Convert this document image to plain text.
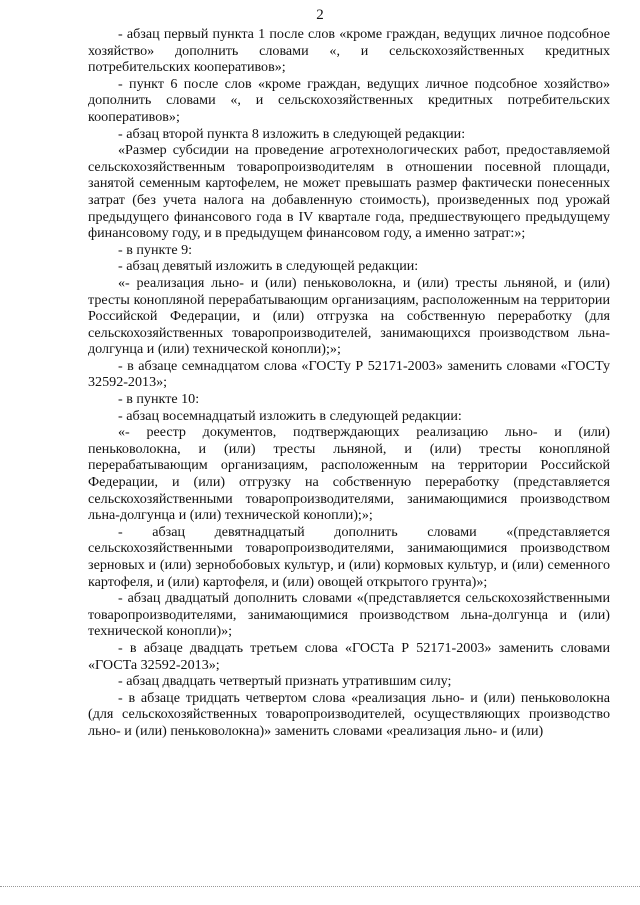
2

- абзац первый пункта 1 после слов «кроме граждан, ведущих личное подсобное хозяйство» дополнить словами «, и сельскохозяйственных кредитных потребительских кооперативов»;

- пункт 6 после слов «кроме граждан, ведущих личное подсобное хозяйство» дополнить словами «, и сельскохозяйственных кредитных потребительских кооперативов»;

- абзац второй пункта 8 изложить в следующей редакции:

«Размер субсидии на проведение агротехнологических работ, предоставляемой сельскохозяйственным товаропроизводителям в отношении посевной площади, занятой семенным картофелем, не может превышать размер фактически понесенных затрат (без учета налога на добавленную стоимость), произведенных под урожай предыдущего финансового года в IV квартале года, предшествующего предыдущему финансовому году, и в предыдущем финансовом году, а именно затрат:»;

- в пункте 9:

- абзац девятый изложить в следующей редакции:

«- реализация льно- и (или) пеньковолокна, и (или) тресты льняной, и (или) тресты конопляной перерабатывающим организациям, расположенным на территории Российской Федерации, и (или) отгрузка на собственную переработку (для сельскохозяйственных товаропроизводителей, занимающихся производством льна-долгунца и (или) технической конопли);»;

- в абзаце семнадцатом слова «ГОСТу Р 52171-2003» заменить словами «ГОСТу 32592-2013»;

- в пункте 10:

- абзац восемнадцатый изложить в следующей редакции:

«- реестр документов, подтверждающих реализацию льно- и (или) пеньковолокна, и (или) тресты льняной, и (или) тресты конопляной перерабатывающим организациям, расположенным на территории Российской Федерации, и (или) отгрузку на собственную переработку (представляется сельскохозяйственными товаропроизводителями, занимающимися производством льна-долгунца и (или) технической конопли);»;

- абзац девятнадцатый дополнить словами «(представляется сельскохозяйственными товаропроизводителями, занимающимися производством зерновых и (или) зернобобовых культур, и (или) кормовых культур, и (или) семенного картофеля, и (или) картофеля, и (или) овощей открытого грунта)»;

- абзац двадцатый дополнить словами «(представляется сельскохозяйственными товаропроизводителями, занимающимися производством льна-долгунца и (или) технической конопли)»;

- в абзаце двадцать третьем слова «ГОСТа Р 52171-2003» заменить словами «ГОСТа 32592-2013»;

- абзац двадцать четвертый признать утратившим силу;

- в абзаце тридцать четвертом слова «реализация льно- и (или) пеньковолокна (для сельскохозяйственных товаропроизводителей, осуществляющих производство льно- и (или) пеньковолокна)» заменить словами «реализация льно- и (или)
